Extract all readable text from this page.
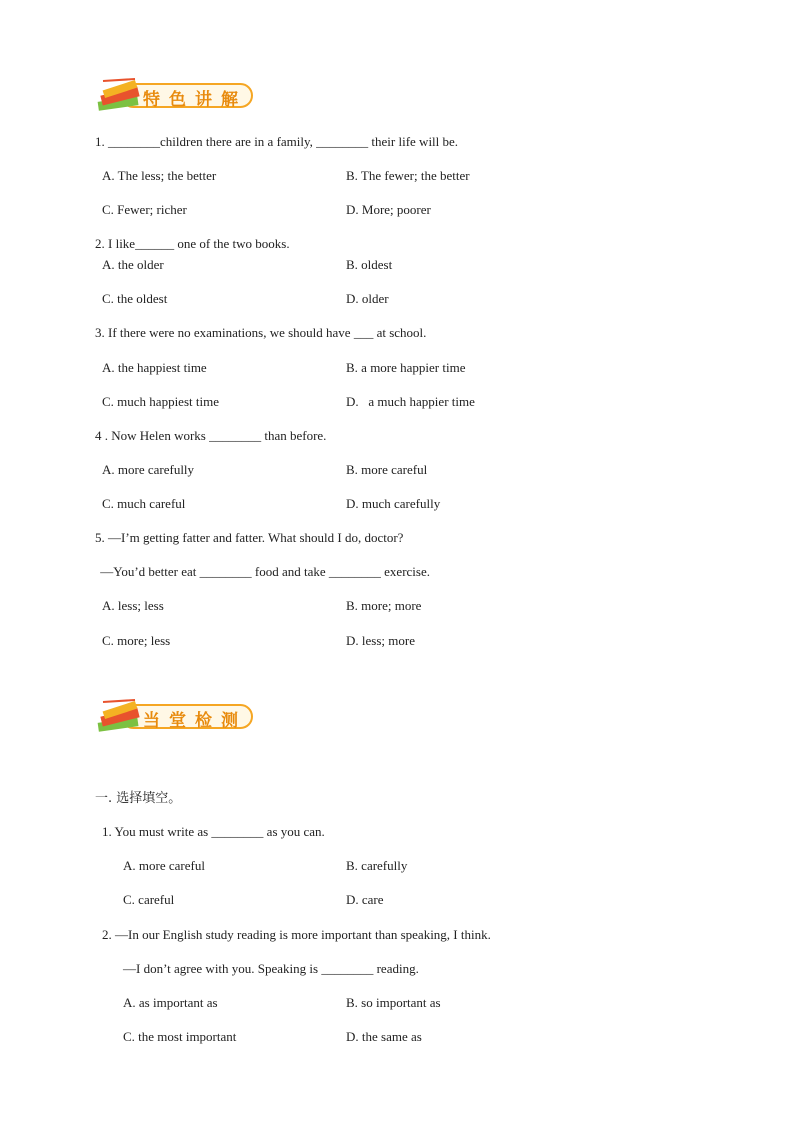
特色讲解
1. ________children there are in a family, ________ their life will be.
A. The less; the better	B. The fewer; the better
C. Fewer; richer	D. More; poorer
2. I like______ one of the two books.
A. the older	B. oldest
C. the oldest	D. older
3. If there were no examinations, we should have ___ at school.
A. the happiest time	B. a more happier time
C. much happiest time	D.   a much happier time
4 . Now Helen works ________ than before.
A. more carefully	B. more careful
C. much careful	D. much carefully
5. —I’m getting fatter and fatter. What should I do, doctor?
—You’d better eat ________ food and take ________ exercise.
A. less; less	B. more; more
C. more; less	D. less; more
当堂检测
一. 选择填空。
1. You must write as ________ as you can.
A. more careful	B. carefully
C. careful	D. care
2. —In our English study reading is more important than speaking, I think.
—I don’t agree with you. Speaking is ________ reading.
A. as important as	B. so important as
C. the most important	D. the same as
